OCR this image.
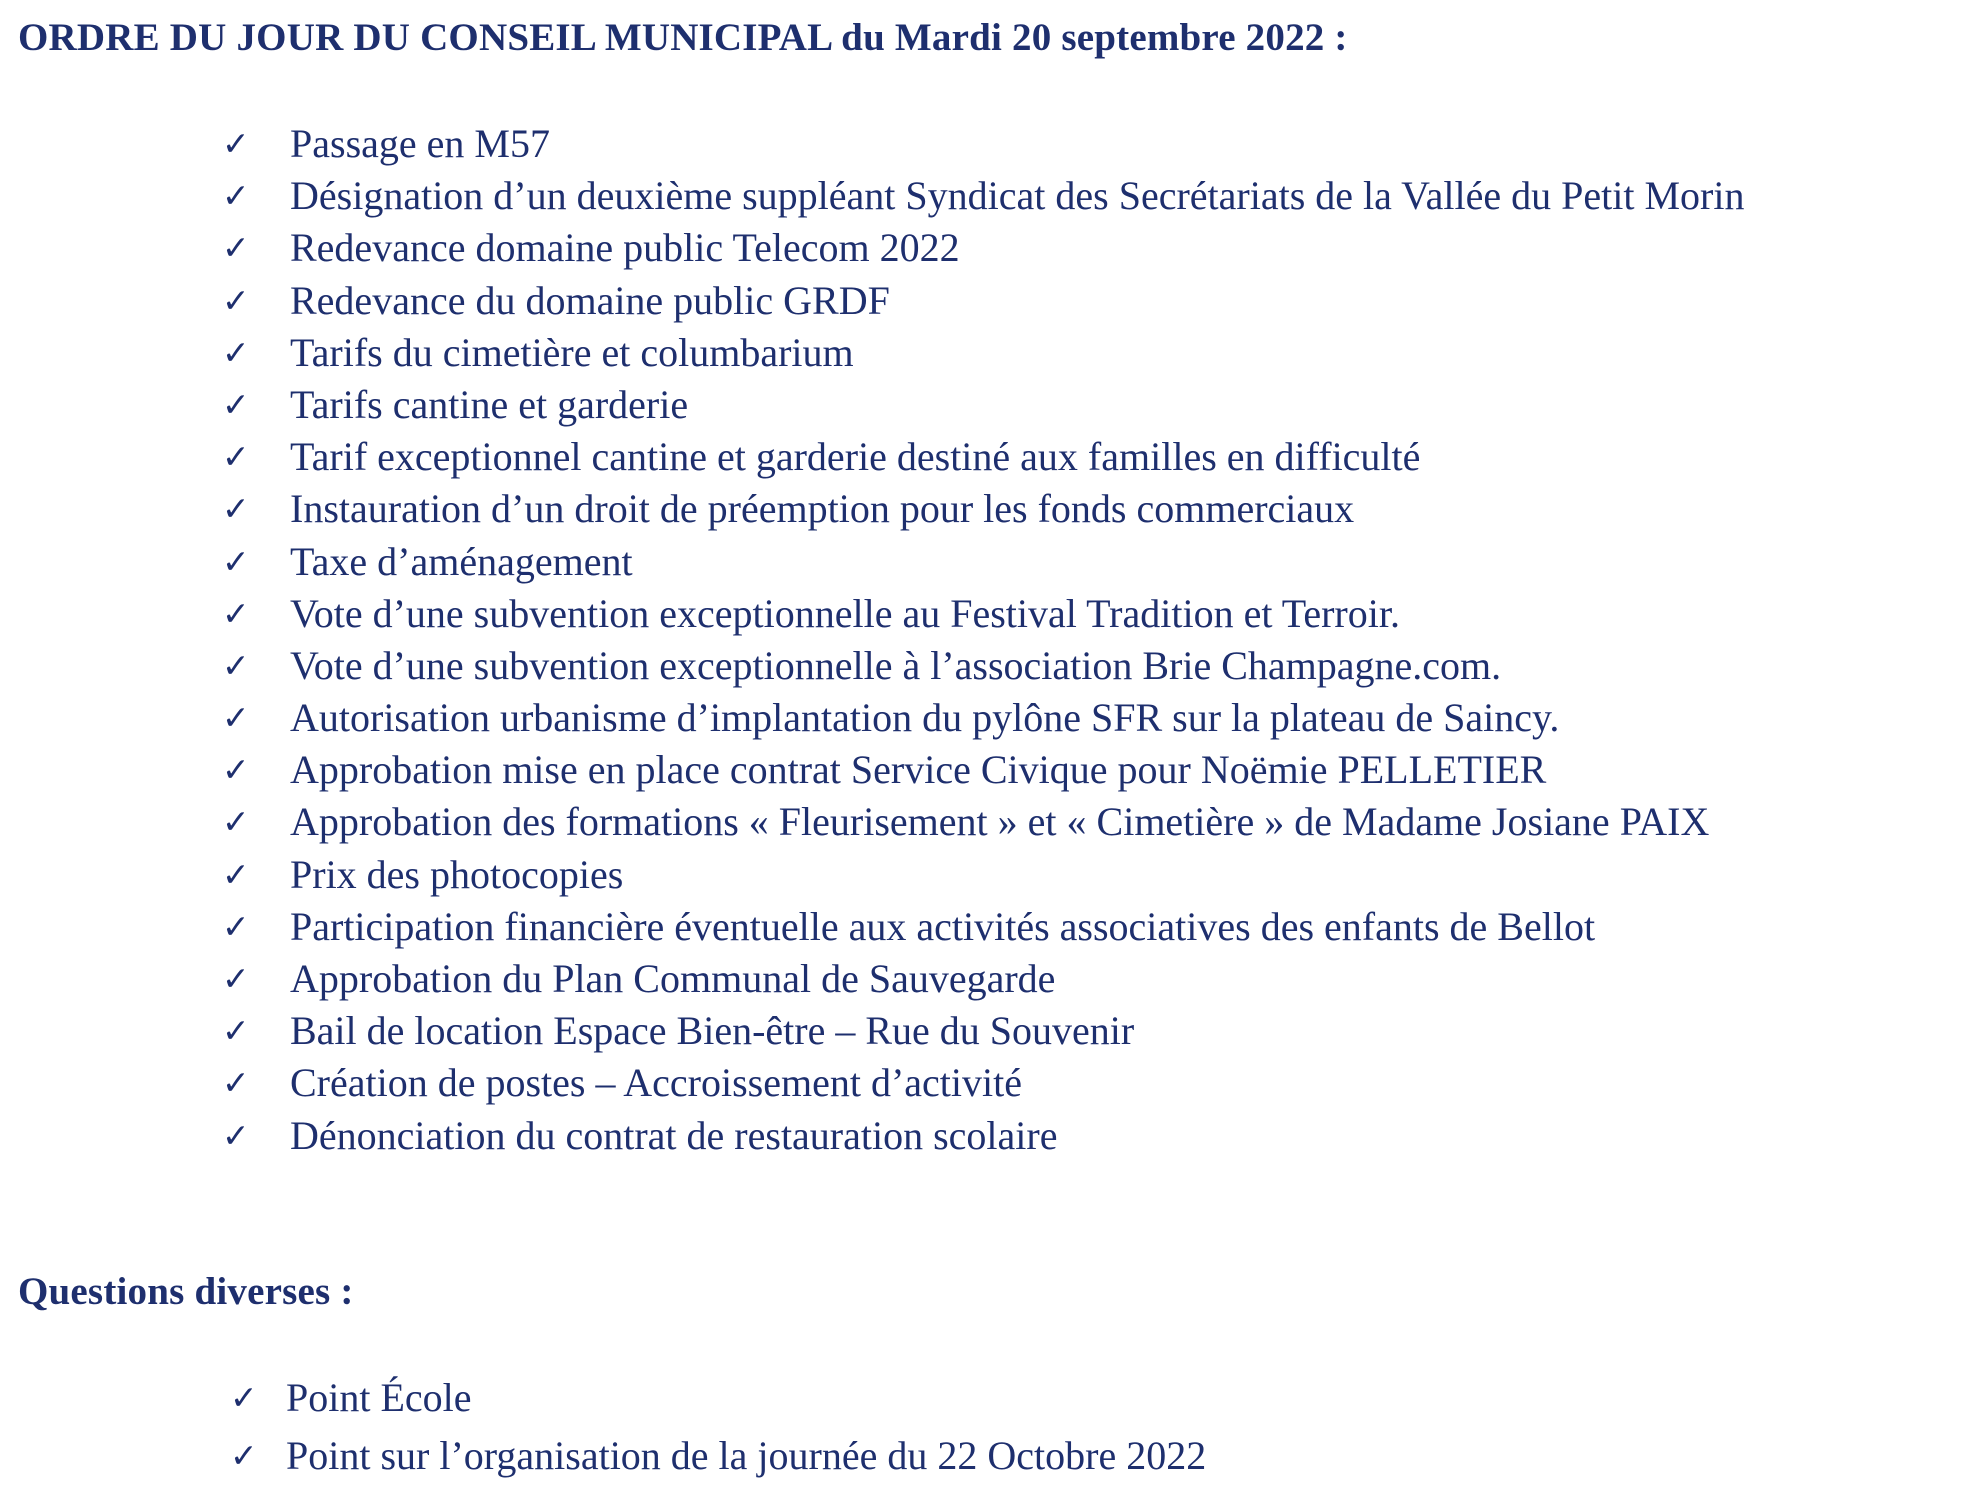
ORDRE DU JOUR DU CONSEIL MUNICIPAL du Mardi 20 septembre 2022 :
✓ Passage en M57
✓ Désignation d’un deuxième suppléant Syndicat des Secrétariats de la Vallée du Petit Morin
✓ Redevance domaine public Telecom 2022
✓ Redevance du domaine public GRDF
✓ Tarifs du cimetière et columbarium
✓ Tarifs cantine et garderie
✓ Tarif exceptionnel cantine et garderie destiné aux familles en difficulté
✓ Instauration d’un droit de préemption pour les fonds commerciaux
✓ Taxe d’aménagement
✓ Vote d’une subvention exceptionnelle au Festival Tradition et Terroir.
✓ Vote d’une subvention exceptionnelle à l’association Brie Champagne.com.
✓ Autorisation urbanisme d’implantation du pylône SFR sur la plateau de Saincy.
✓ Approbation mise en place contrat Service Civique pour Noëmie PELLETIER
✓ Approbation des formations « Fleurisement » et « Cimetière » de Madame Josiane PAIX
✓ Prix des photocopies
✓ Participation financière éventuelle aux activités associatives des enfants de Bellot
✓ Approbation du Plan Communal de Sauvegarde
✓ Bail de location Espace Bien-être – Rue du Souvenir
✓ Création de postes – Accroissement d’activité
✓ Dénonciation du contrat de restauration scolaire
Questions diverses :
✓ Point École
✓ Point sur l’organisation de la journée du 22 Octobre 2022
